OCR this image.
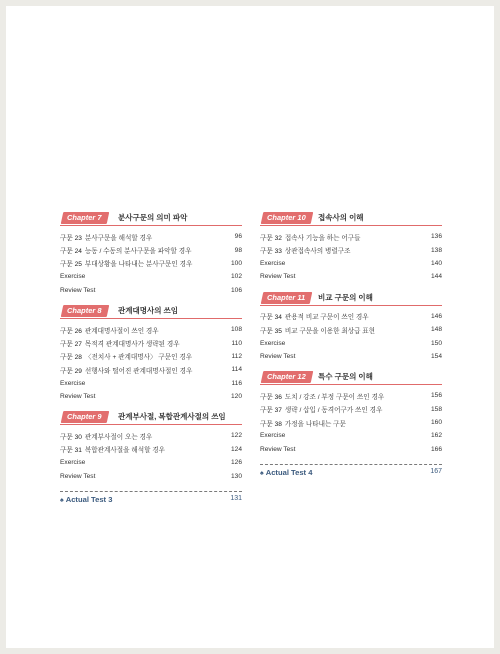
Chapter 7	분사구문의 의미 파악
구문 23 분사구문을 해석할 경우	96
구문 24 능동 / 수동의 분사구문을 파악할 경우	98
구문 25 부대상황을 나타내는 분사구문인 경우	100
Exercise	102
Review Test	106
Chapter 8	관계대명사의 쓰임
구문 26 관계대명사절이 쓰인 경우	108
구문 27 목적격 관계대명사가 생략된 경우	110
구문 28 〈전치사 + 관계대명사〉 구문인 경우	112
구문 29 선행사와 떨어진 관계대명사절인 경우	114
Exercise	116
Review Test	120
Chapter 9	관계부사절, 복합관계사절의 쓰임
구문 30 관계부사절이 오는 경우	122
구문 31 복합관계사절을 해석할 경우	124
Exercise	126
Review Test	130
♠ Actual Test 3	131
Chapter 10	접속사의 이해
구문 32 접속사 기능을 하는 어구들	136
구문 33 상관접속사의 병렬구조	138
Exercise	140
Review Test	144
Chapter 11	비교 구문의 이해
구문 34 관용적 비교 구문이 쓰인 경우	146
구문 35 비교 구문을 이용한 최상급 표현	148
Exercise	150
Review Test	154
Chapter 12	특수 구문의 이해
구문 36 도치 / 강조 / 부정 구문이 쓰인 경우	156
구문 37 생략 / 삽입 / 동격어구가 쓰인 경우	158
구문 38 가정을 나타내는 구문	160
Exercise	162
Review Test	166
♠ Actual Test 4	167
